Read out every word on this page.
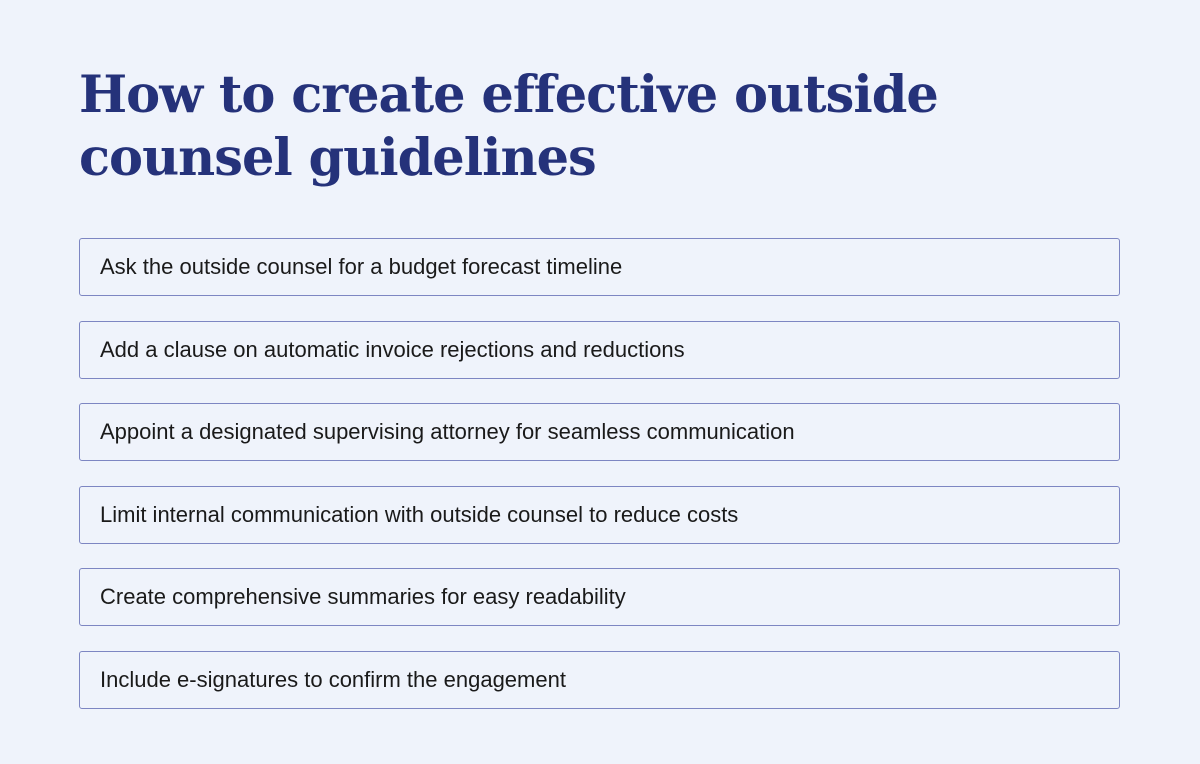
How to create effective outside counsel guidelines
Ask the outside counsel for a budget forecast timeline
Add a clause on automatic invoice rejections and reductions
Appoint a designated supervising attorney for seamless communication
Limit internal communication with outside counsel to reduce costs
Create comprehensive summaries for easy readability
Include e-signatures to confirm the engagement
